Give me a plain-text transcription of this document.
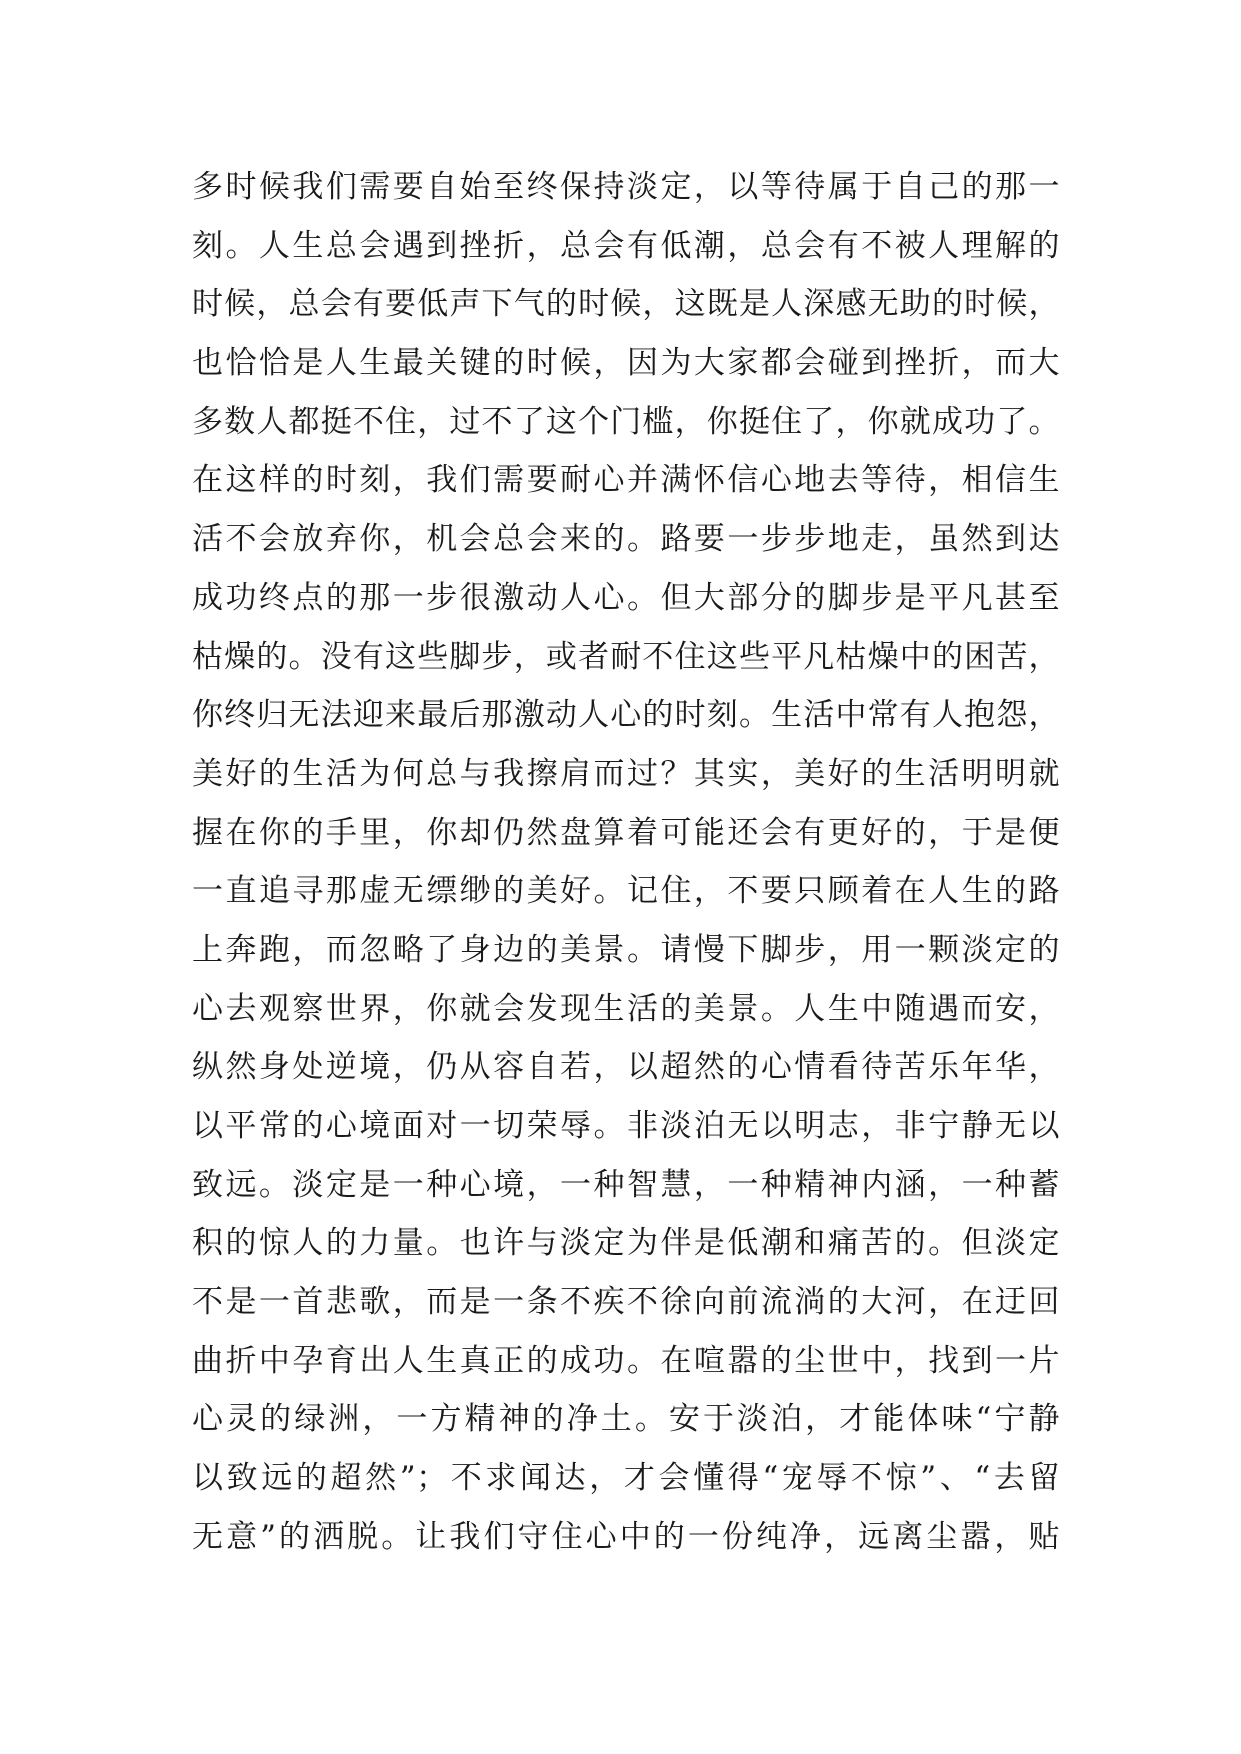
多时候我们需要自始至终保持淡定，以等待属于自己的那一
刻。人生总会遇到挫折，总会有低潮，总会有不被人理解的
时候，总会有要低声下气的时候，这既是人深感无助的时候，
也恰恰是人生最关键的时候，因为大家都会碰到挫折，而大
多数人都挺不住，过不了这个门槛，你挺住了，你就成功了。
在这样的时刻，我们需要耐心并满怀信心地去等待，相信生
活不会放弃你，机会总会来的。路要一步步地走，虽然到达
成功终点的那一步很激动人心。但大部分的脚步是平凡甚至
枯燥的。没有这些脚步，或者耐不住这些平凡枯燥中的困苦，
你终归无法迎来最后那激动人心的时刻。生活中常有人抱怨，
美好的生活为何总与我擦肩而过？其实，美好的生活明明就
握在你的手里，你却仍然盘算着可能还会有更好的，于是便
一直追寻那虚无缥缈的美好。记住，不要只顾着在人生的路
上奔跑，而忽略了身边的美景。请慢下脚步，用一颗淡定的
心去观察世界，你就会发现生活的美景。人生中随遇而安，
纵然身处逆境，仍从容自若，以超然的心情看待苦乐年华，
以平常的心境面对一切荣辱。非淡泊无以明志，非宁静无以
致远。淡定是一种心境，一种智慧，一种精神内涵，一种蓄
积的惊人的力量。也许与淡定为伴是低潮和痛苦的。但淡定
不是一首悲歌，而是一条不疾不徐向前流淌的大河，在迂回
曲折中孕育出人生真正的成功。在喧嚣的尘世中，找到一片
心灵的绿洲，一方精神的净土。安于淡泊，才能体味“宁静
以致远的超然”；不求闻达，才会懂得“宠辱不惊”、“去留
无意”的洒脱。让我们守住心中的一份纯净，远离尘嚣，贴
